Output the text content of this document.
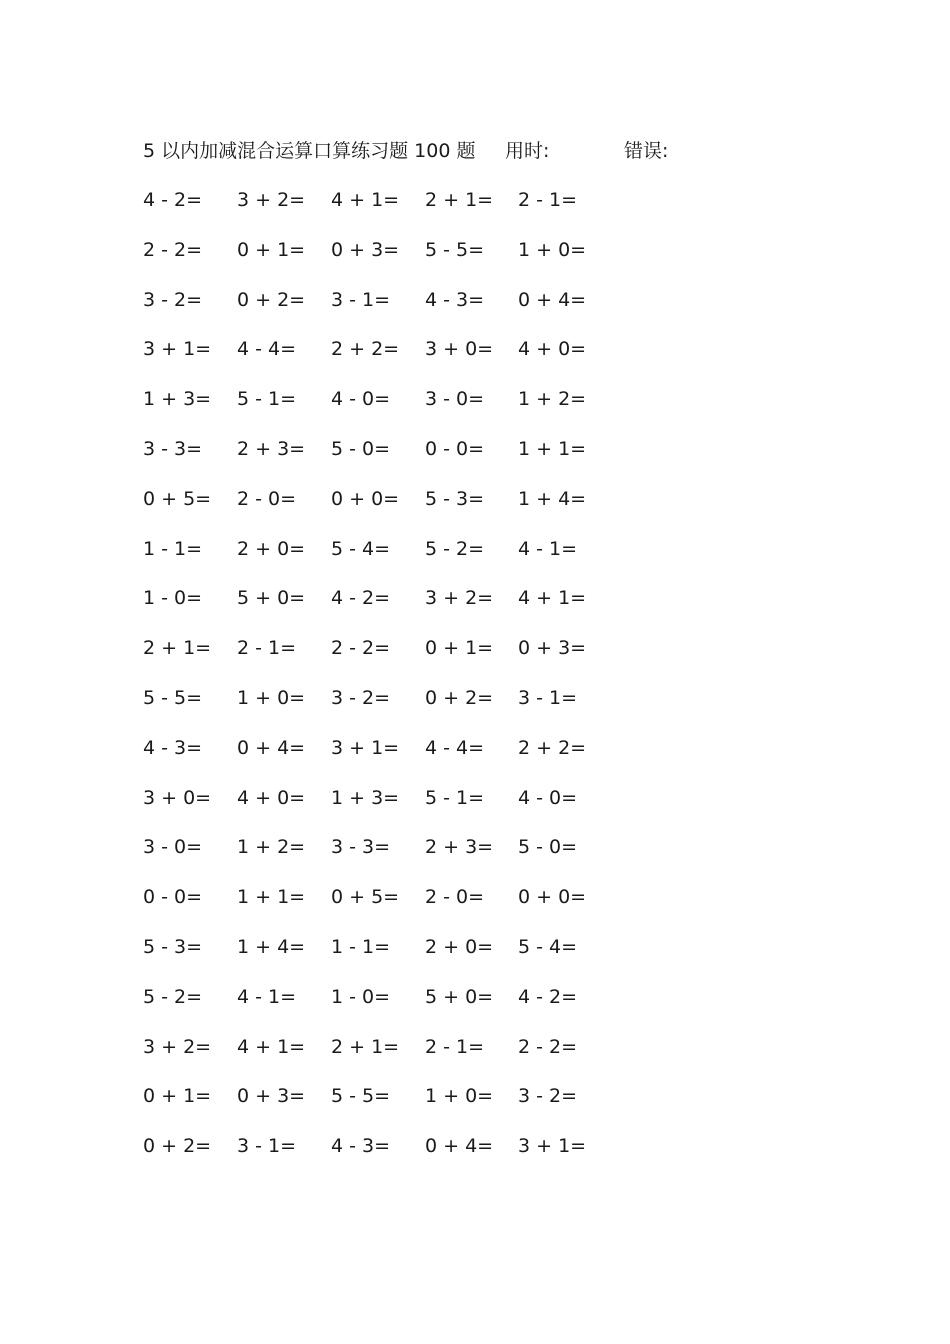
5 以内加减混合运算口算练习题 100 题 用时:	错误:
4 - 2=	3 + 2=	4 + 1=	2 + 1=	2 - 1=
2 - 2=	0 + 1=	0 + 3=	5 - 5=	1 + 0=
3 - 2=	0 + 2=	3 - 1=	4 - 3=	0 + 4=
3 + 1=	4 - 4=	2 + 2=	3 + 0=	4 + 0=
1 + 3=	5 - 1=	4 - 0=	3 - 0=	1 + 2=
3 - 3=	2 + 3=	5 - 0=	0 - 0=	1 + 1=
0 + 5=	2 - 0=	0 + 0=	5 - 3=	1 + 4=
1 - 1=	2 + 0=	5 - 4=	5 - 2=	4 - 1=
1 - 0=	5 + 0=	4 - 2=	3 + 2=	4 + 1=
2 + 1=	2 - 1=	2 - 2=	0 + 1=	0 + 3=
5 - 5=	1 + 0=	3 - 2=	0 + 2=	3 - 1=
4 - 3=	0 + 4=	3 + 1=	4 - 4=	2 + 2=
3 + 0=	4 + 0=	1 + 3=	5 - 1=	4 - 0=
3 - 0=	1 + 2=	3 - 3=	2 + 3=	5 - 0=
0 - 0=	1 + 1=	0 + 5=	2 - 0=	0 + 0=
5 - 3=	1 + 4=	1 - 1=	2 + 0=	5 - 4=
5 - 2=	4 - 1=	1 - 0=	5 + 0=	4 - 2=
3 + 2=	4 + 1=	2 + 1=	2 - 1=	2 - 2=
0 + 1=	0 + 3=	5 - 5=	1 + 0=	3 - 2=
0 + 2=	3 - 1=	4 - 3=	0 + 4=	3 + 1=
